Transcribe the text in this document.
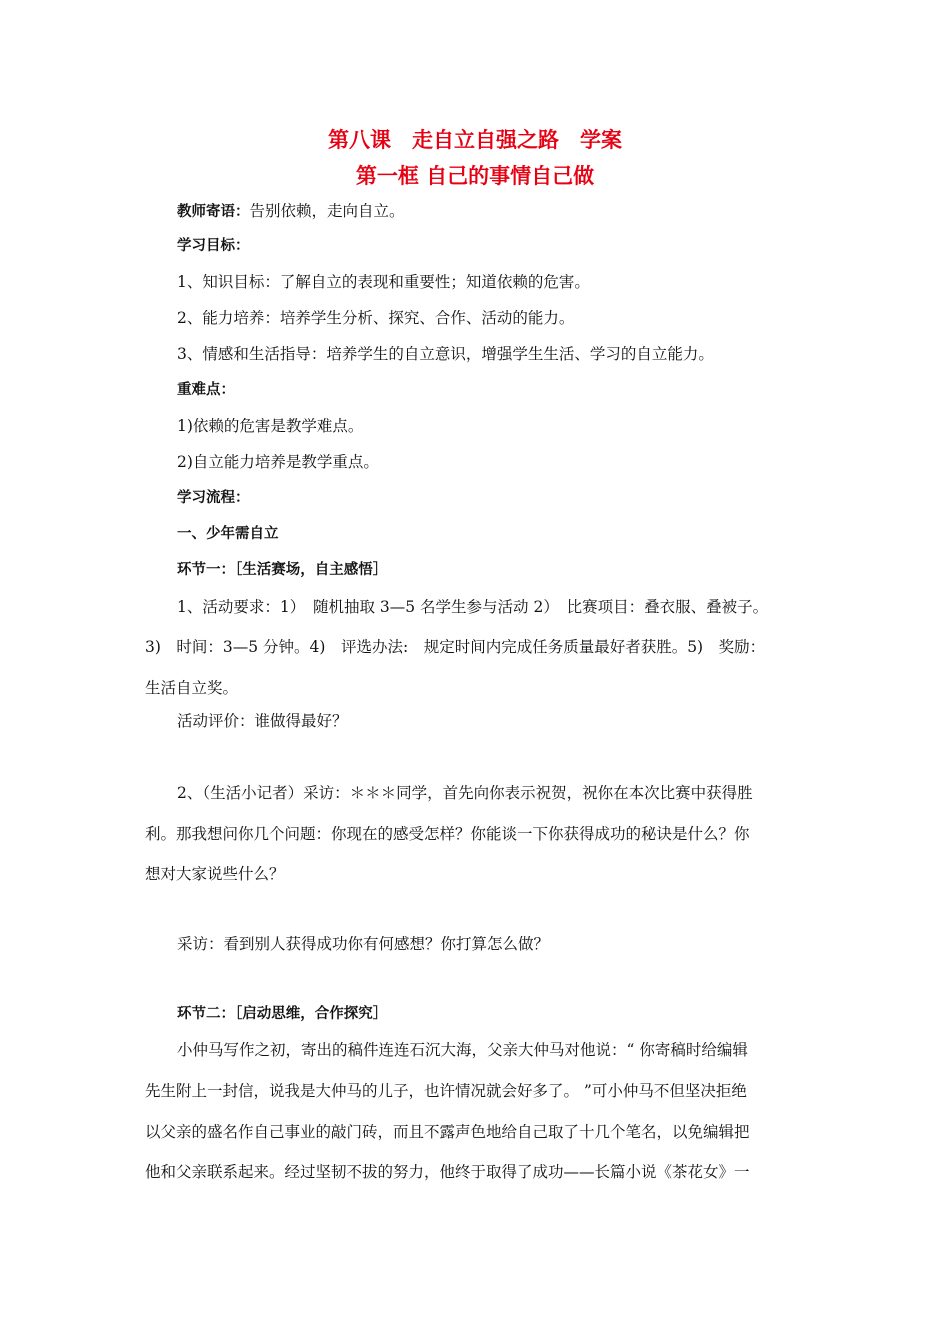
第八课　走自立自强之路　学案
第一框 自己的事情自己做
教师寄语：告别依赖，走向自立。
学习目标：
1、知识目标：了解自立的表现和重要性；知道依赖的危害。
2、能力培养：培养学生分析、探究、合作、活动的能力。
3、情感和生活指导：培养学生的自立意识，增强学生生活、学习的自立能力。
重难点：
1)依赖的危害是教学难点。
2)自立能力培养是教学重点。
学习流程：
一、少年需自立
环节一：［生活赛场，自主感悟］
1、活动要求：1）　随机抽取 3—5 名学生参与活动 2）　比赛项目：叠衣服、叠被子。
3)　时间：3—5 分钟。4)　评选办法:　规定时间内完成任务质量最好者获胜。5)　奖励：
生活自立奖。
活动评价：谁做得最好？
2、（生活小记者）采访：＊＊＊同学，首先向你表示祝贺，祝你在本次比赛中获得胜
利。那我想问你几个问题：你现在的感受怎样？你能谈一下你获得成功的秘诀是什么？你
想对大家说些什么？
采访：看到别人获得成功你有何感想？你打算怎么做？
环节二：［启动思维，合作探究］
小仲马写作之初，寄出的稿件连连石沉大海，父亲大仲马对他说：“ 你寄稿时给编辑
先生附上一封信，说我是大仲马的儿子，也许情况就会好多了。 ”可小仲马不但坚决拒绝
以父亲的盛名作自己事业的敲门砖，而且不露声色地给自己取了十几个笔名，以免编辑把
他和父亲联系起来。经过坚韧不拔的努力，他终于取得了成功——长篇小说《茶花女》一
